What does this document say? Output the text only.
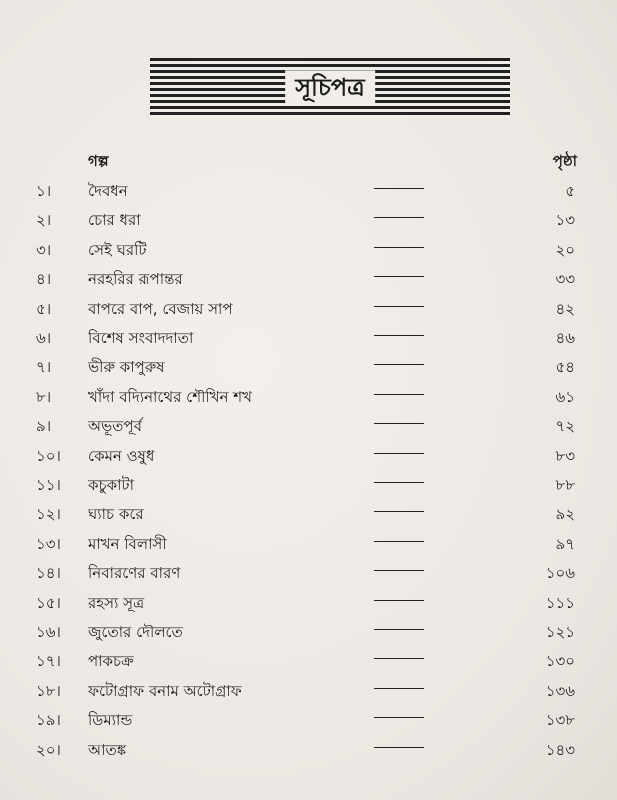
সূচিপত্র
গল্প	পৃষ্ঠা
১।	দৈবধন	৫
২।	চোর ধরা	১৩
৩।	সেই ঘরটি	২০
৪।	নরহরির রূপান্তর	৩৩
৫।	বাপরে বাপ, বেজায় সাপ	৪২
৬।	বিশেষ সংবাদদাতা	৪৬
৭।	ভীরু কাপুরুষ	৫৪
৮।	খাঁদা বদ্যিনাথের শৌখিন শখ	৬১
৯।	অভূতপূর্ব	৭২
১০।	কেমন ওষুধ	৮৩
১১।	কচুকাটা	৮৮
১২।	ঘ্যাচ করে	৯২
১৩।	মাখন বিলাসী	৯৭
১৪।	নিবারণের বারণ	১০৬
১৫।	রহস্য সূত্র	১১১
১৬।	জুতোর দৌলতে	১২১
১৭।	পাকচক্র	১৩০
১৮।	ফটোগ্রাফ বনাম অটোগ্রাফ	১৩৬
১৯।	ডিম্যান্ড	১৩৮
২০।	আতঙ্ক	১৪৩
